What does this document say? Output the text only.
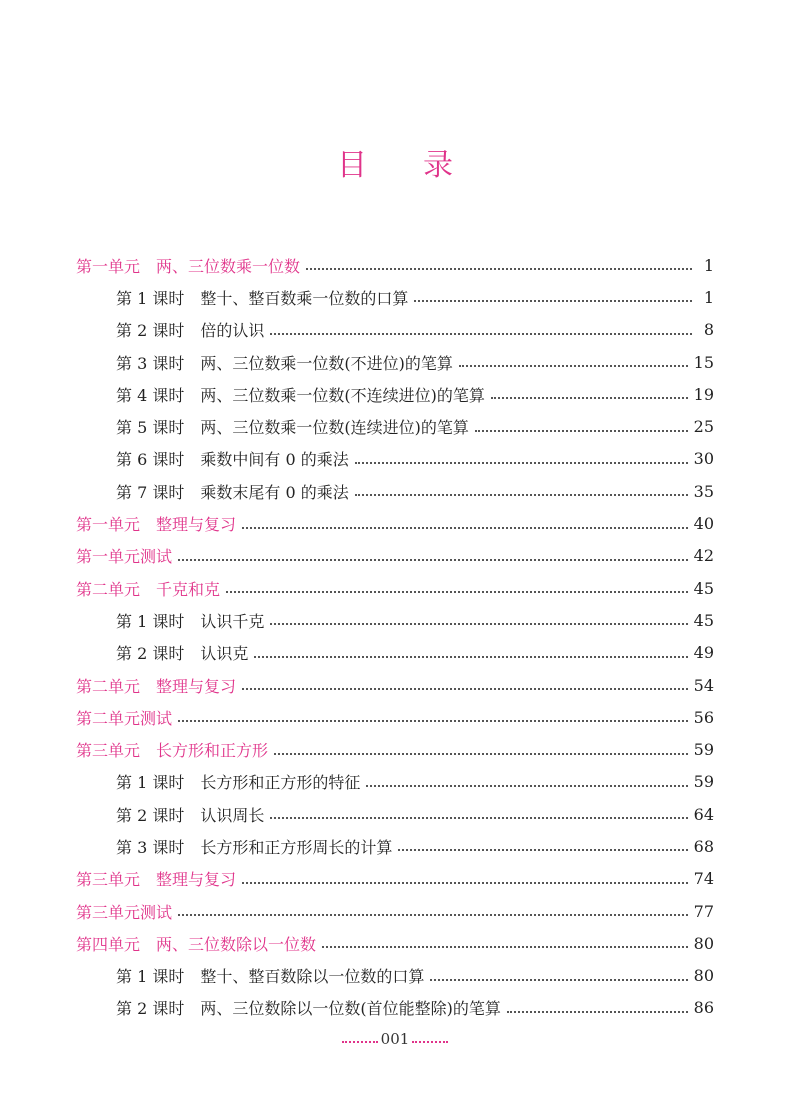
目录
第一单元　两、三位数乘一位数	1
第 1 课时　整十、整百数乘一位数的口算	1
第 2 课时　倍的认识	8
第 3 课时　两、三位数乘一位数(不进位)的笔算	15
第 4 课时　两、三位数乘一位数(不连续进位)的笔算	19
第 5 课时　两、三位数乘一位数(连续进位)的笔算	25
第 6 课时　乘数中间有 0 的乘法	30
第 7 课时　乘数末尾有 0 的乘法	35
第一单元　整理与复习	40
第一单元测试	42
第二单元　千克和克	45
第 1 课时　认识千克	45
第 2 课时　认识克	49
第二单元　整理与复习	54
第二单元测试	56
第三单元　长方形和正方形	59
第 1 课时　长方形和正方形的特征	59
第 2 课时　认识周长	64
第 3 课时　长方形和正方形周长的计算	68
第三单元　整理与复习	74
第三单元测试	77
第四单元　两、三位数除以一位数	80
第 1 课时　整十、整百数除以一位数的口算	80
第 2 课时　两、三位数除以一位数(首位能整除)的笔算	86
001
